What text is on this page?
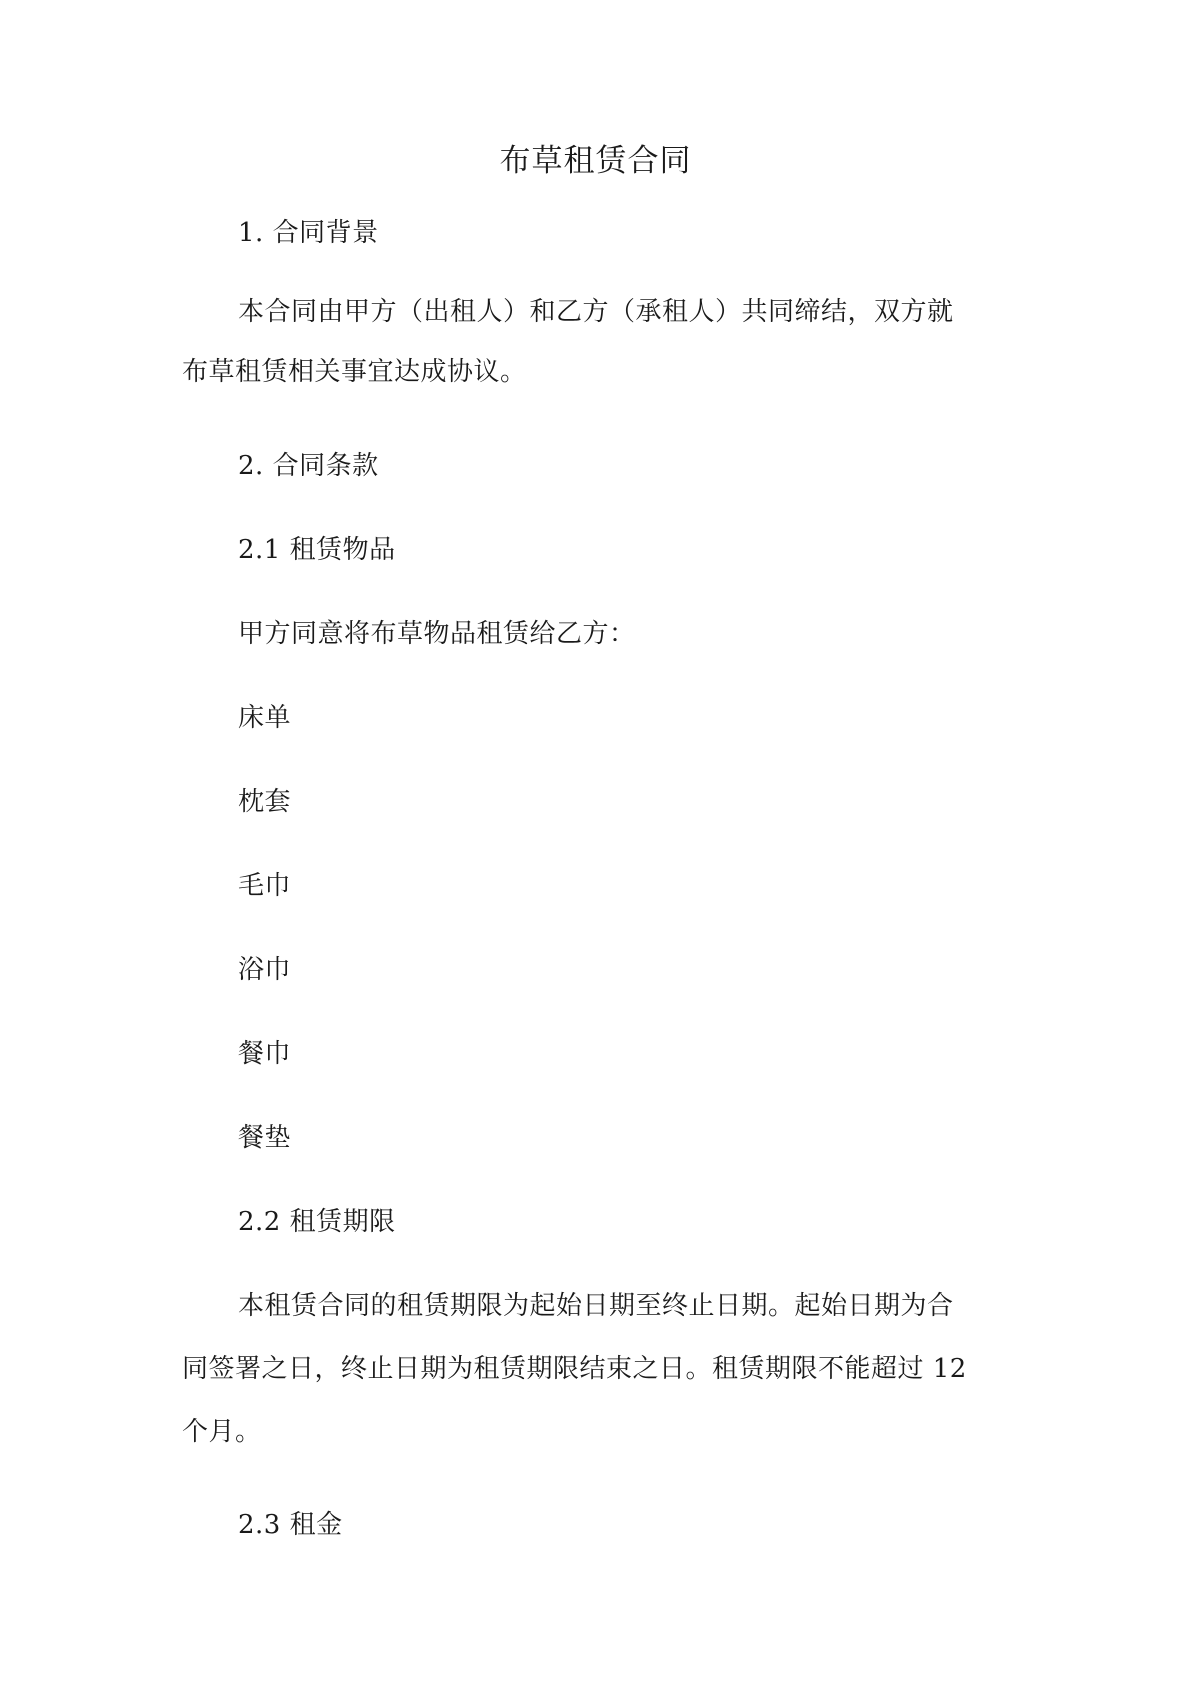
布草租赁合同
1. 合同背景
本合同由甲方（出租人）和乙方（承租人）共同缔结，双方就
布草租赁相关事宜达成协议。
2. 合同条款
2.1 租赁物品
甲方同意将布草物品租赁给乙方：
床单
枕套
毛巾
浴巾
餐巾
餐垫
2.2 租赁期限
本租赁合同的租赁期限为起始日期至终止日期。起始日期为合
同签署之日，终止日期为租赁期限结束之日。租赁期限不能超过 12
个月。
2.3 租金
